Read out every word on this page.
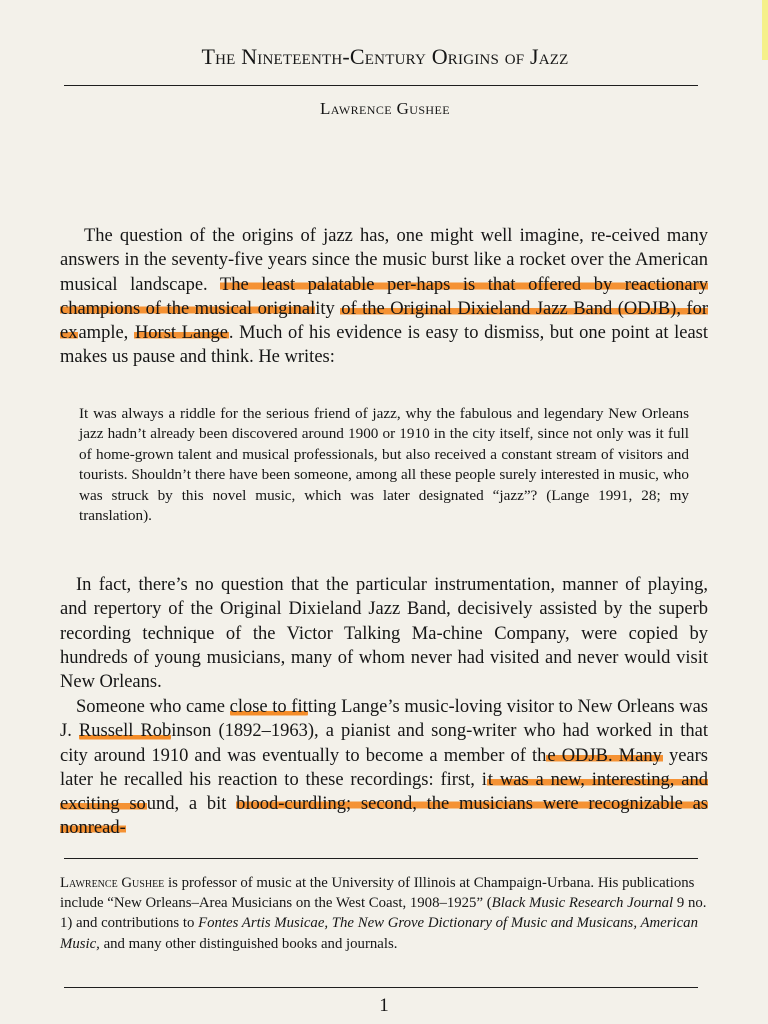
The Nineteenth-Century Origins of Jazz
Lawrence Gushee
The question of the origins of jazz has, one might well imagine, re-ceived many answers in the seventy-five years since the music burst like a rocket over the American musical landscape. The least palatable per-haps is that offered by reactionary champions of the musical originality of the Original Dixieland Jazz Band (ODJB), for example, Horst Lange. Much of his evidence is easy to dismiss, but one point at least makes us pause and think. He writes:
It was always a riddle for the serious friend of jazz, why the fabulous and legendary New Orleans jazz hadn’t already been discovered around 1900 or 1910 in the city itself, since not only was it full of home-grown talent and musical professionals, but also received a constant stream of visitors and tourists. Shouldn’t there have been someone, among all these people surely interested in music, who was struck by this novel music, which was later designated “jazz”? (Lange 1991, 28; my translation).
In fact, there’s no question that the particular instrumentation, manner of playing, and repertory of the Original Dixieland Jazz Band, decisively assisted by the superb recording technique of the Victor Talking Ma-chine Company, were copied by hundreds of young musicians, many of whom never had visited and never would visit New Orleans.
Someone who came close to fitting Lange’s music-loving visitor to New Orleans was J. Russell Robinson (1892–1963), a pianist and song-writer who had worked in that city around 1910 and was eventually to become a member of the ODJB. Many years later he recalled his reaction to these recordings: first, it was a new, interesting, and exciting sound, a bit blood-curdling; second, the musicians were recognizable as nonread-
Lawrence Gushee is professor of music at the University of Illinois at Champaign-Urbana. His publications include “New Orleans–Area Musicians on the West Coast, 1908–1925” (Black Music Research Journal 9 no. 1) and contributions to Fontes Artis Musicae, The New Grove Dictionary of Music and Musicans, American Music, and many other distinguished books and journals.
1
